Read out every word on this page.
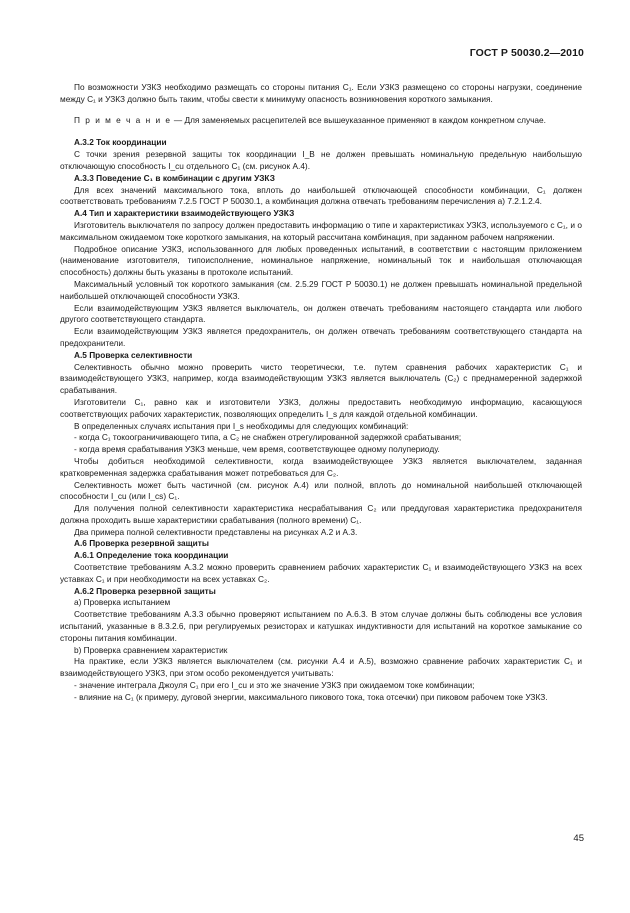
ГОСТ Р 50030.2—2010

По возможности УЗКЗ необходимо размещать со стороны питания C₁. Если УЗКЗ размещено со стороны нагрузки, соединение между C₁ и УЗКЗ должно быть таким, чтобы свести к минимуму опасность возникновения короткого замыкания.

П р и м е ч а н и е — Для заменяемых расцепителей все вышеуказанное применяют в каждом конкретном случае.

А.3.2 Ток координации

С точки зрения резервной защиты ток координации I_B не должен превышать номинальную предельную наибольшую отключающую способность I_cu отдельного C₁ (см. рисунок А.4).

А.3.3 Поведение C₁ в комбинации с другим УЗКЗ

Для всех значений максимального тока, вплоть до наибольшей отключающей способности комбинации, C₁ должен соответствовать требованиям 7.2.5 ГОСТ Р 50030.1, а комбинация должна отвечать требованиям перечисления а) 7.2.1.2.4.

А.4 Тип и характеристики взаимодействующего УЗКЗ

Изготовитель выключателя по запросу должен предоставить информацию о типе и характеристиках УЗКЗ, используемого с C₁, и о максимальном ожидаемом токе короткого замыкания, на который рассчитана комбинация, при заданном рабочем напряжении.

Подробное описание УЗКЗ, использованного для любых проведенных испытаний, в соответствии с настоящим приложением (наименование изготовителя, типоисполнение, номинальное напряжение, номинальный ток и наибольшая отключающая способность) должны быть указаны в протоколе испытаний.

Максимальный условный ток короткого замыкания (см. 2.5.29 ГОСТ Р 50030.1) не должен превышать номинальной предельной наибольшей отключающей способности УЗКЗ.

Если взаимодействующим УЗКЗ является выключатель, он должен отвечать требованиям настоящего стандарта или любого другого соответствующего стандарта.

Если взаимодействующим УЗКЗ является предохранитель, он должен отвечать требованиям соответствующего стандарта на предохранители.

А.5 Проверка селективности

Селективность обычно можно проверить чисто теоретически, т.е. путем сравнения рабочих характеристик C₁ и взаимодействующего УЗКЗ, например, когда взаимодействующим УЗКЗ является выключатель (C₂) с преднамеренной задержкой срабатывания.

Изготовители C₁, равно как и изготовители УЗКЗ, должны предоставить необходимую информацию, касающуюся соответствующих рабочих характеристик, позволяющих определить I_s для каждой отдельной комбинации.

В определенных случаях испытания при I_s необходимы для следующих комбинаций:

- когда C₁ токоограничивающего типа, а C₂ не снабжен отрегулированной задержкой срабатывания;

- когда время срабатывания УЗКЗ меньше, чем время, соответствующее одному полупериоду.

Чтобы добиться необходимой селективности, когда взаимодействующее УЗКЗ является выключателем, заданная кратковременная задержка срабатывания может потребоваться для C₂.

Селективность может быть частичной (см. рисунок А.4) или полной, вплоть до номинальной наибольшей отключающей способности I_cu (или I_cs) C₁.

Для получения полной селективности характеристика несрабатывания C₂ или преддуговая характеристика предохранителя должна проходить выше характеристики срабатывания (полного времени) C₁.

Два примера полной селективности представлены на рисунках А.2 и А.3.

А.6 Проверка резервной защиты
А.6.1 Определение тока координации

Соответствие требованиям А.3.2 можно проверить сравнением рабочих характеристик C₁ и взаимодействующего УЗКЗ на всех уставках C₁ и при необходимости на всех уставках C₂.

А.6.2 Проверка резервной защиты

а) Проверка испытанием

Соответствие требованиям А.3.3 обычно проверяют испытанием по А.6.3. В этом случае должны быть соблюдены все условия испытаний, указанные в 8.3.2.6, при регулируемых резисторах и катушках индуктивности для испытаний на короткое замыкание со стороны питания комбинации.

b) Проверка сравнением характеристик

На практике, если УЗКЗ является выключателем (см. рисунки А.4 и А.5), возможно сравнение рабочих характеристик C₁ и взаимодействующего УЗКЗ, при этом особо рекомендуется учитывать:

- значение интеграла Джоуля C₁ при его I_cu и это же значение УЗКЗ при ожидаемом токе комбинации;

- влияние на C₁ (к примеру, дуговой энергии, максимального пикового тока, тока отсечки) при пиковом рабочем токе УЗКЗ.

45
